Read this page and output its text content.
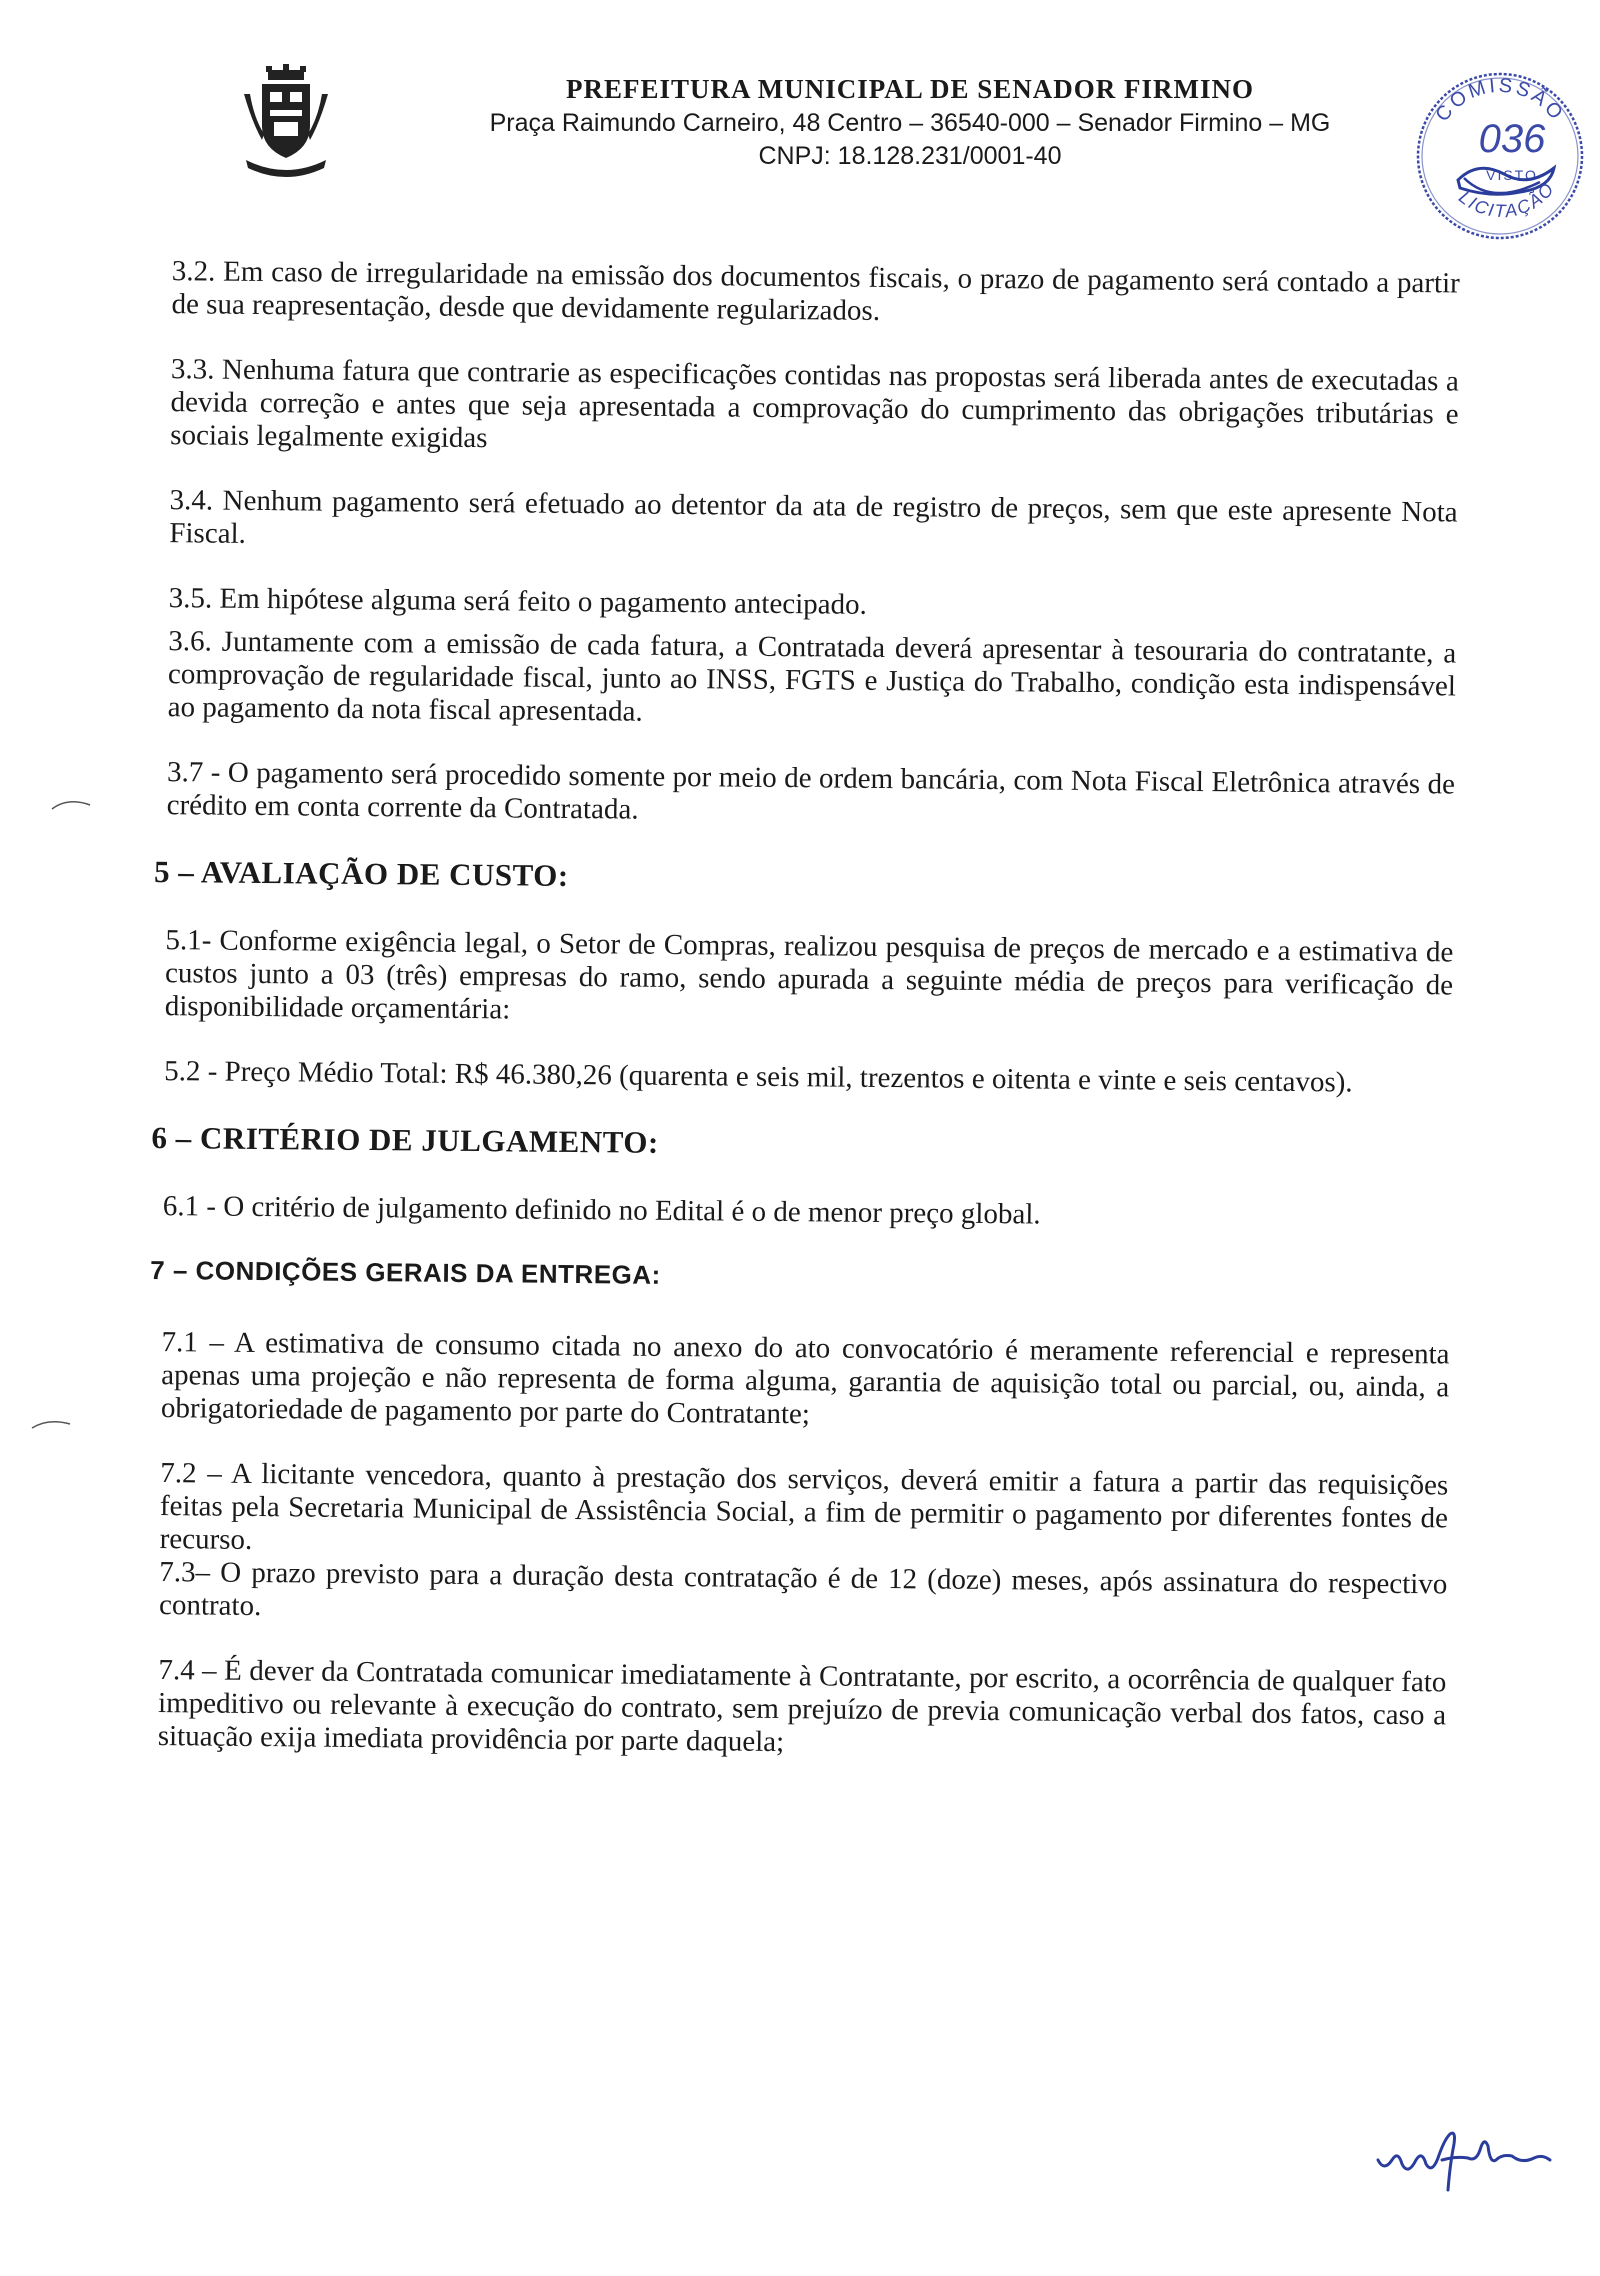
PREFEITURA MUNICIPAL DE SENADOR FIRMINO
Praça Raimundo Carneiro, 48 Centro – 36540-000 – Senador Firmino – MG
CNPJ: 18.128.231/0001-40
COMISSÃO
036
VISTO
LICITAÇÃO

3.2. Em caso de irregularidade na emissão dos documentos fiscais, o prazo de pagamento será contado a partir de sua reapresentação, desde que devidamente regularizados.

3.3. Nenhuma fatura que contrarie as especificações contidas nas propostas será liberada antes de executadas a devida correção e antes que seja apresentada a comprovação do cumprimento das obrigações tributárias e sociais legalmente exigidas

3.4. Nenhum pagamento será efetuado ao detentor da ata de registro de preços, sem que este apresente Nota Fiscal.

3.5. Em hipótese alguma será feito o pagamento antecipado.

3.6. Juntamente com a emissão de cada fatura, a Contratada deverá apresentar à tesouraria do contratante, a comprovação de regularidade fiscal, junto ao INSS, FGTS e Justiça do Trabalho, condição esta indispensável ao pagamento da nota fiscal apresentada.

3.7 - O pagamento será procedido somente por meio de ordem bancária, com Nota Fiscal Eletrônica através de crédito em conta corrente da Contratada.

5 – AVALIAÇÃO DE CUSTO:

5.1- Conforme exigência legal, o Setor de Compras, realizou pesquisa de preços de mercado e a estimativa de custos junto a 03 (três) empresas do ramo, sendo apurada a seguinte média de preços para verificação de disponibilidade orçamentária:

5.2 - Preço Médio Total: R$ 46.380,26 (quarenta e seis mil, trezentos e oitenta e vinte e seis centavos).

6 – CRITÉRIO DE JULGAMENTO:

6.1 - O critério de julgamento definido no Edital é o de menor preço global.

7 – CONDIÇÕES GERAIS DA ENTREGA:

7.1 – A estimativa de consumo citada no anexo do ato convocatório é meramente referencial e representa apenas uma projeção e não representa de forma alguma, garantia de aquisição total ou parcial, ou, ainda, a obrigatoriedade de pagamento por parte do Contratante;

7.2 – A licitante vencedora, quanto à prestação dos serviços, deverá emitir a fatura a partir das requisições feitas pela Secretaria Municipal de Assistência Social, a fim de permitir o pagamento por diferentes fontes de recurso.

7.3– O prazo previsto para a duração desta contratação é de 12 (doze) meses, após assinatura do respectivo contrato.

7.4 – É dever da Contratada comunicar imediatamente à Contratante, por escrito, a ocorrência de qualquer fato impeditivo ou relevante à execução do contrato, sem prejuízo de previa comunicação verbal dos fatos, caso a situação exija imediata providência por parte daquela;
